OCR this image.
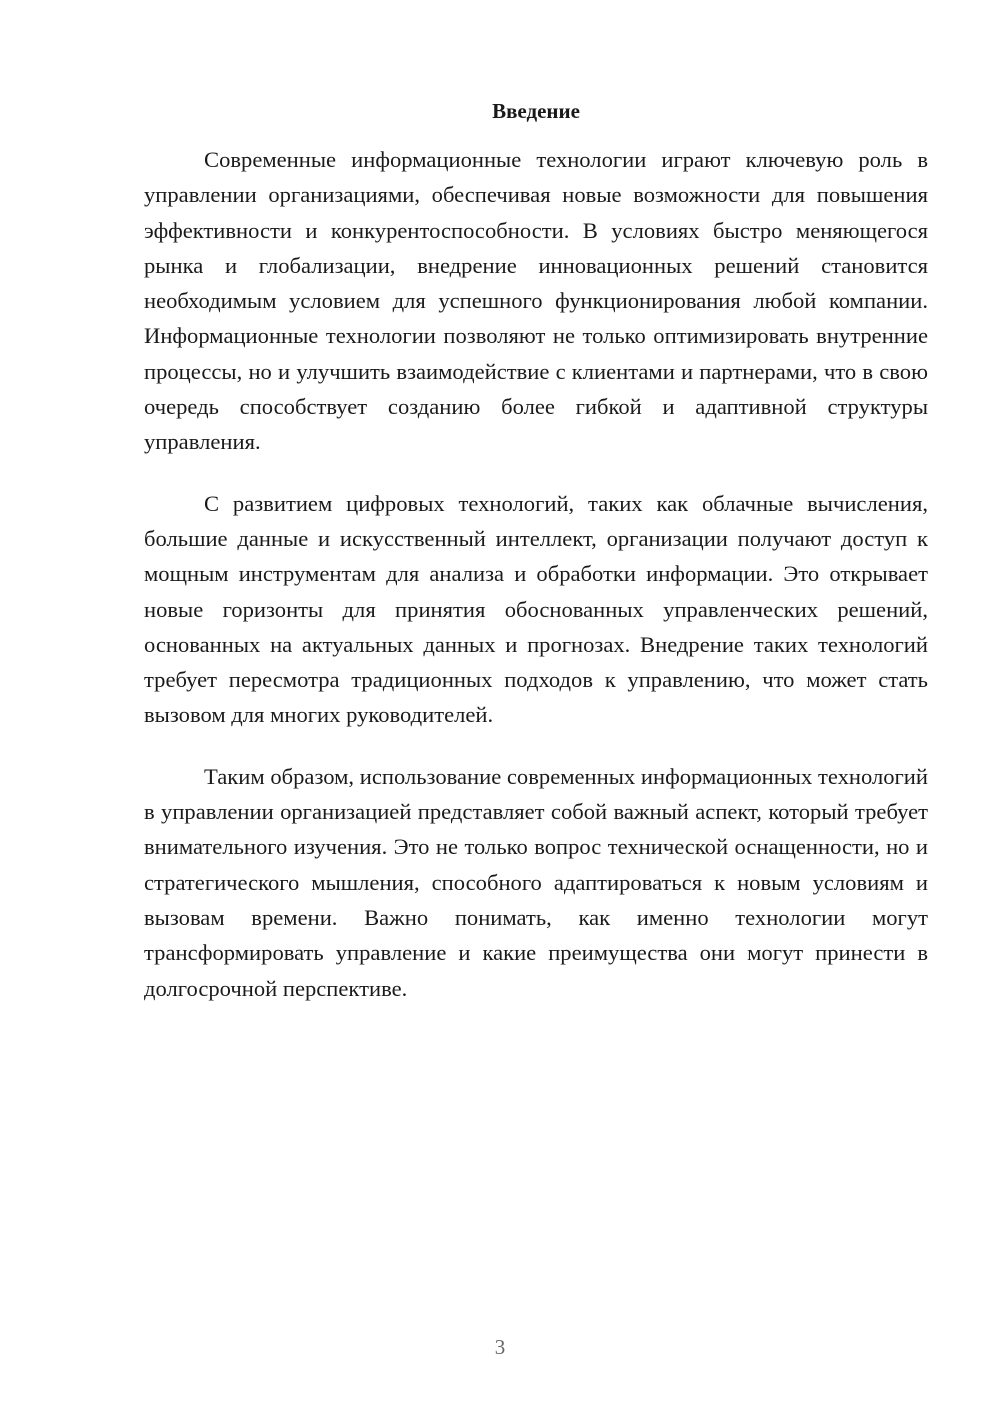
Введение

Современные информационные технологии играют ключевую роль в управлении организациями, обеспечивая новые возможности для повышения эффективности и конкурентоспособности. В условиях быстро меняющегося рынка и глобализации, внедрение инновационных решений становится необходимым условием для успешного функционирования любой компании. Информационные технологии позволяют не только оптимизировать внутренние процессы, но и улучшить взаимодействие с клиентами и партнерами, что в свою очередь способствует созданию более гибкой и адаптивной структуры управления.

С развитием цифровых технологий, таких как облачные вычисления, большие данные и искусственный интеллект, организации получают доступ к мощным инструментам для анализа и обработки информации. Это открывает новые горизонты для принятия обоснованных управленческих решений, основанных на актуальных данных и прогнозах. Внедрение таких технологий требует пересмотра традиционных подходов к управлению, что может стать вызовом для многих руководителей.

Таким образом, использование современных информационных технологий в управлении организацией представляет собой важный аспект, который требует внимательного изучения. Это не только вопрос технической оснащенности, но и стратегического мышления, способного адаптироваться к новым условиям и вызовам времени. Важно понимать, как именно технологии могут трансформировать управление и какие преимущества они могут принести в долгосрочной перспективе.

3
